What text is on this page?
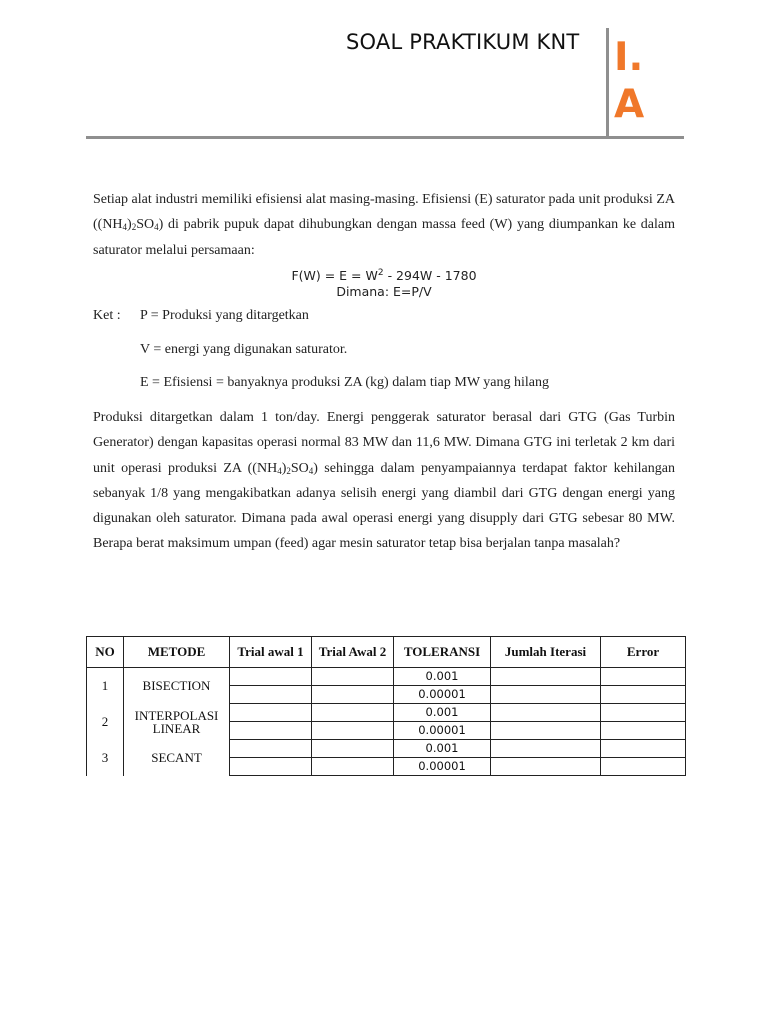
SOAL PRAKTIKUM KNT I.
A

Setiap alat industri memiliki efisiensi alat masing-masing. Efisiensi (E) saturator pada unit produksi ZA $((NH_4)_2SO_4)$ di pabrik pupuk dapat dihubungkan dengan massa feed (W) yang diumpankan ke dalam saturator melalui persamaan:

$F(W) = E = W^2 - 294W - 1780$

Dimana: E=P/V

Ket : P = Produksi yang ditargetkan

V = energi yang digunakan saturator.

E = Efisiensi = banyaknya produksi ZA (kg) dalam tiap MW yang hilang

Produksi ditargetkan dalam 1 ton/day. Energi penggerak saturator berasal dari GTG (Gas Turbin Generator) dengan kapasitas operasi normal 83 MW dan 11,6 MW. Dimana GTG ini terletak 2 km dari unit operasi produksi ZA $((NH_4)_2SO_4)$ sehingga dalam penyampaiannya terdapat faktor kehilangan sebanyak 1/8 yang mengakibatkan adanya selisih energi yang diambil dari GTG dengan energi yang digunakan oleh saturator. Dimana pada awal operasi energi yang disupply dari GTG sebesar 80 MW. Berapa berat maksimum umpan (feed) agar mesin saturator tetap bisa berjalan tanpa masalah?

NO	METODE	Trial awal 1	Trial Awal 2	TOLERANSI	Jumlah Iterasi	Error
1	BISECTION			0.001		
				0.00001		
2	INTERPOLASI LINEAR			0.001		
				0.00001		
3	SECANT			0.001		
				0.00001		
